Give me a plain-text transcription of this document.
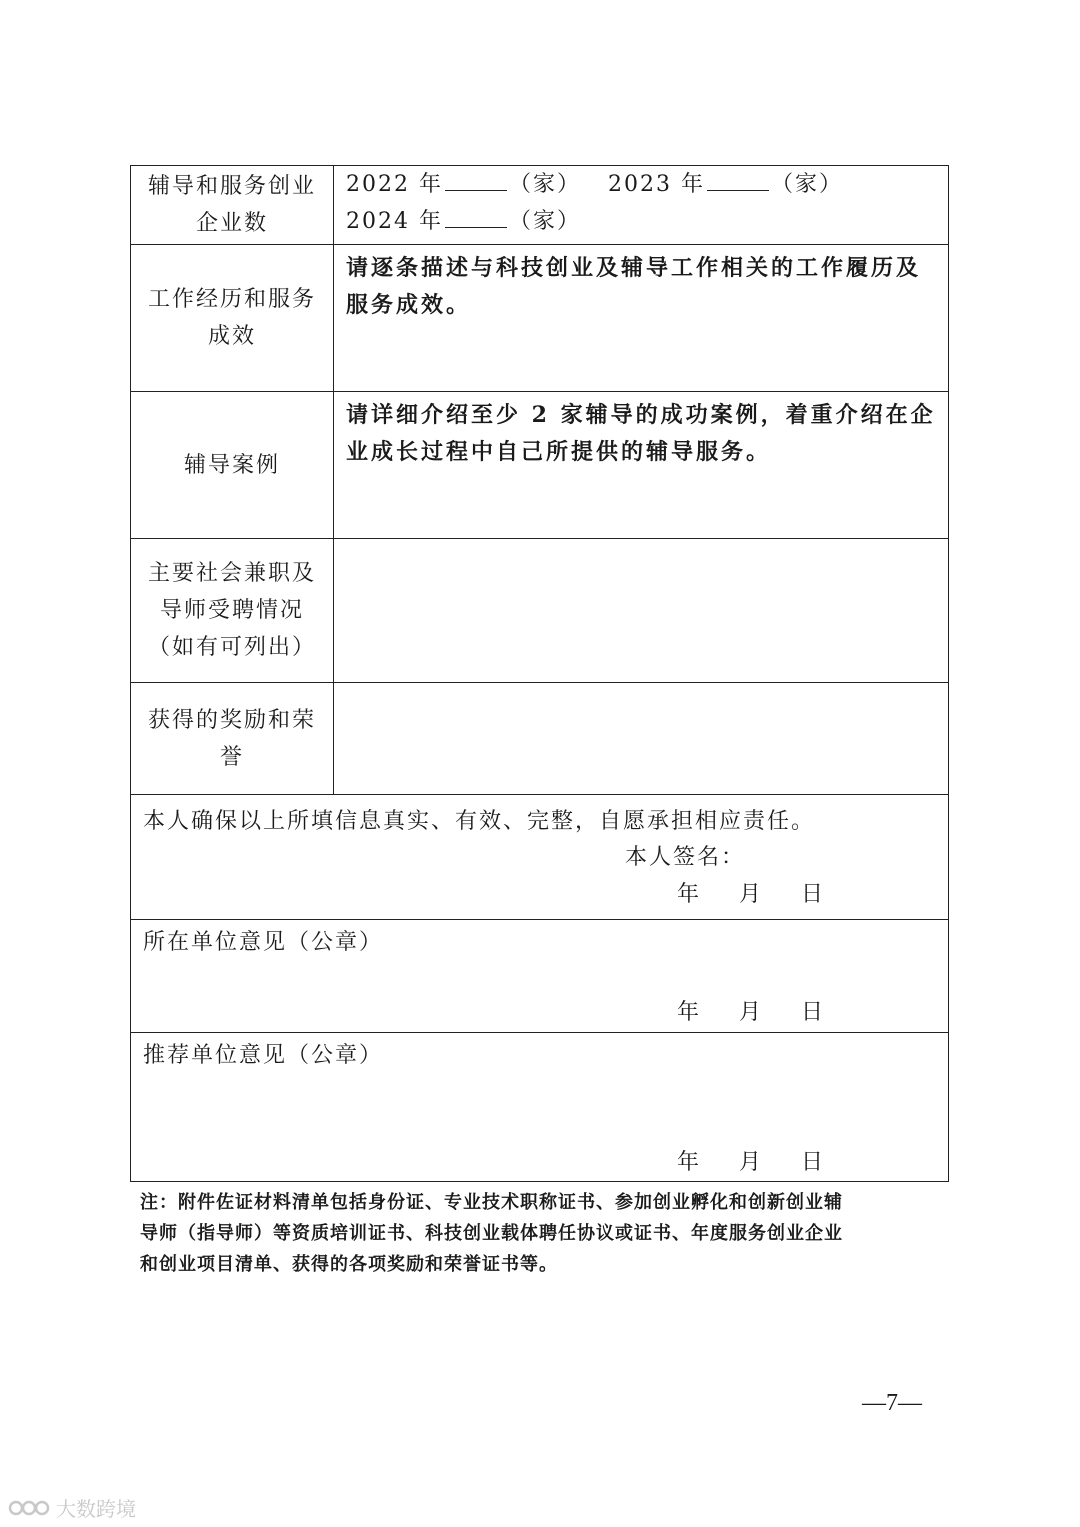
辅导和服务创业
企业数	2022 年 （家） 2023 年 （家）
2024 年 （家）

工作经历和服务
成效	请逐条描述与科技创业及辅导工作相关的工作履历及
服务成效。

辅导案例	请详细介绍至少 2 家辅导的成功案例，着重介绍在企
业成长过程中自己所提供的辅导服务。

主要社会兼职及
导师受聘情况
（如有可列出）	

获得的奖励和荣
誉	

本人确保以上所填信息真实、有效、完整，自愿承担相应责任。
本人签名：
年 月 日	

所在单位意见（公章）
年 月 日	

推荐单位意见（公章）
年 月 日	
注：附件佐证材料清单包括身份证、专业技术职称证书、参加创业孵化和创新创业辅
导师（指导师）等资质培训证书、科技创业载体聘任协议或证书、年度服务创业企业
和创业项目清单、获得的各项奖励和荣誉证书等。
—7—
大数跨境
